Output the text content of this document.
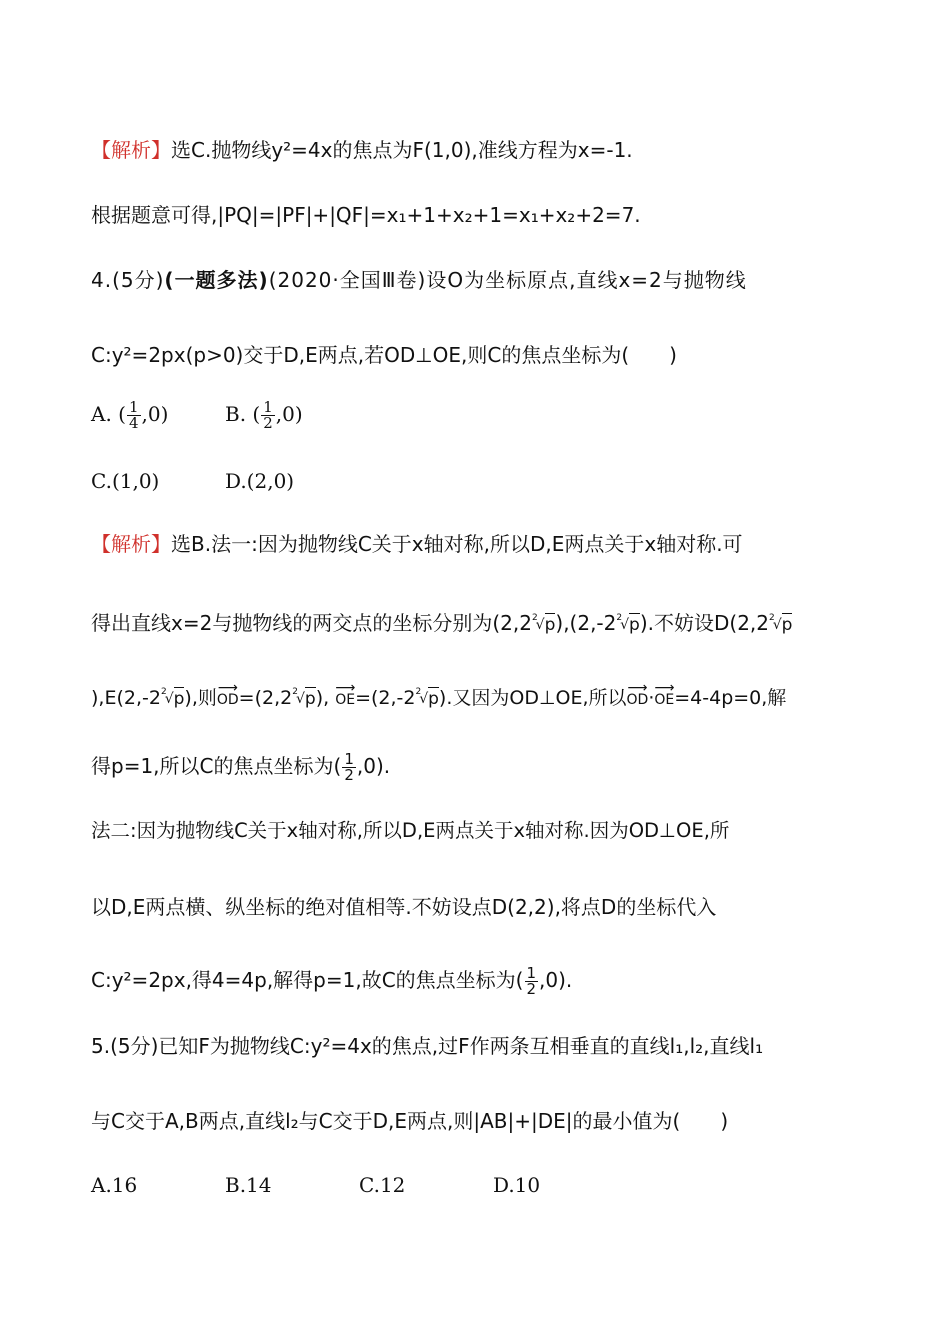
【解析】选C.抛物线y²=4x的焦点为F(1,0),准线方程为x=-1.
根据题意可得,|PQ|=|PF|+|QF|=x₁+1+x₂+1=x₁+x₂+2=7.
4.(5分)(一题多法)(2020·全国Ⅲ卷)设O为坐标原点,直线x=2与抛物线
C:y²=2px(p>0)交于D,E两点,若OD⊥OE,则C的焦点坐标为(　　)
A. ( $\frac{1}{4} ,0$)	B. ( $\frac{1}{2} ,0$)
C.(1,0)	D.(2,0)
【解析】选B.法一:因为抛物线C关于x轴对称,所以D,E两点关于x轴对称.可
得出直线x=2与抛物线的两交点的坐标分别为$(2,2^2√p),(2,-2^2√p)$.不妨设$D(2,2^2√p$
)$,E(2,-2^2√p)$,则⟶ $OD=(2,2^2√p)$, ⟶ $OE=(2,-2^2√p)$.又因为OD⊥OE,所以⟶ OD·⟶ OE=4-4p=0,解
得p=1,所以C的焦点坐标为( $\frac{1}{2} ,0$).
法二:因为抛物线C关于x轴对称,所以D,E两点关于x轴对称.因为OD⊥OE,所
以D,E两点横、纵坐标的绝对值相等.不妨设点D(2,2),将点D的坐标代入
C:y²=2px,得4=4p,解得p=1,故C的焦点坐标为( $\frac{1}{2} ,0$).
5.(5分)已知F为抛物线C:y²=4x的焦点,过F作两条互相垂直的直线l₁,l₂,直线l₁
与C交于A,B两点,直线l₂与C交于D,E两点,则|AB|+|DE|的最小值为(　　)
A.16	B.14	C.12	D.10
